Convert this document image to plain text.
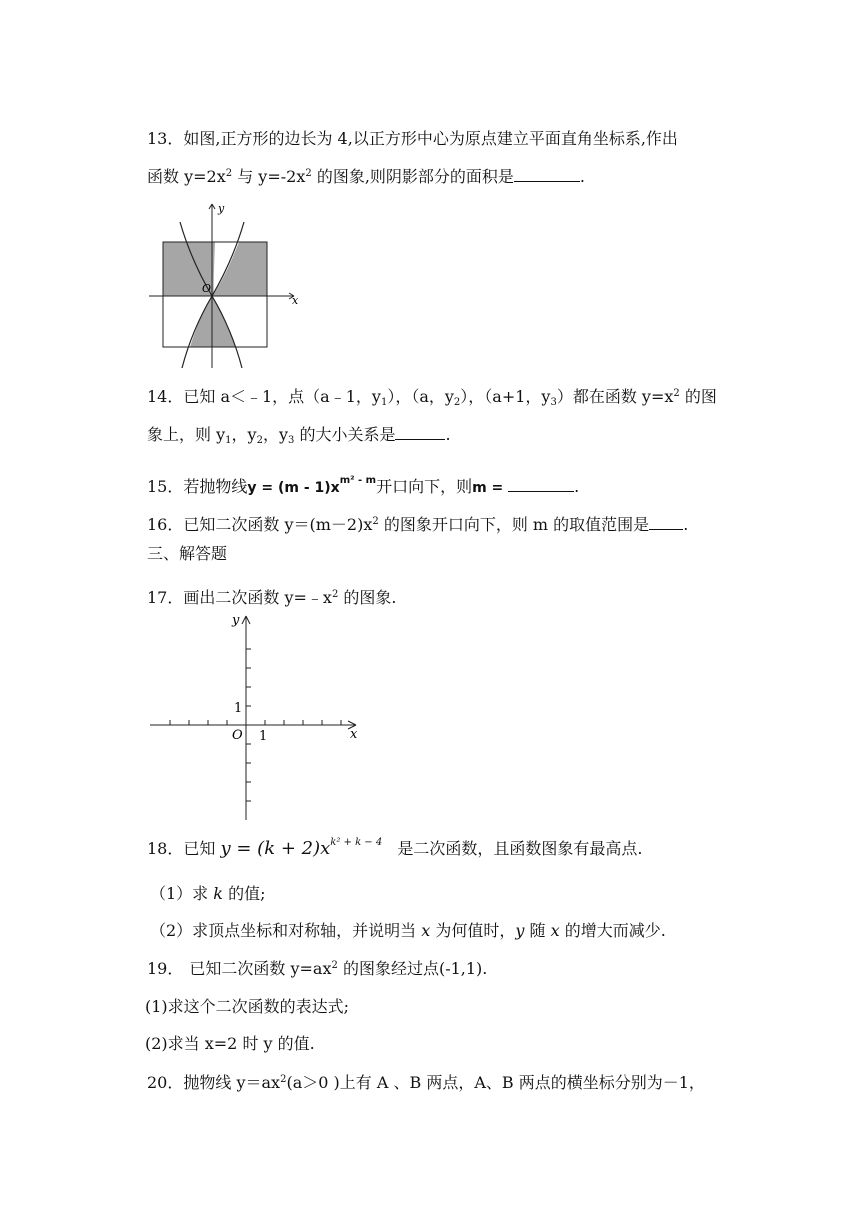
13．如图,正方形的边长为 4,以正方形中心为原点建立平面直角坐标系,作出
函数 $y=2x^2$ 与 $y=-2x^2$ 的图象,则阴影部分的面积是	.
y
x
O
14．已知 a＜﹣1，点（a﹣1，$y_1$），（a，$y_2$），（a+1，$y_3$）都在函数 $y=x^2$ 的图
象上，则 $y_1$，$y_2$，$y_3$ 的大小关系是	.
15．若抛物线$y = (m - 1)x^{m^2 - m}$开口向下，则m =	.
16．已知二次函数 $y=(m-2)x^2$ 的图象开口向下，则 m 的取值范围是 .
三、解答题
17．画出二次函数 $y=﹣x^2$ 的图象.
y
x
O 1
1
18．已知 $y = (k + 2)x^{k^2 + k - 4}$ 是二次函数，且函数图象有最高点.
（1）求 k 的值;
（2）求顶点坐标和对称轴，并说明当 x 为何值时，y 随 x 的增大而减少.
19． 已知二次函数 $y=ax^2$ 的图象经过点(-1,1).
(1)求这个二次函数的表达式;
(2)求当 x=2 时 y 的值.
20．抛物线 $y=ax^2(a>0$ )上有 A 、B 两点，A、B 两点的横坐标分别为－1，
